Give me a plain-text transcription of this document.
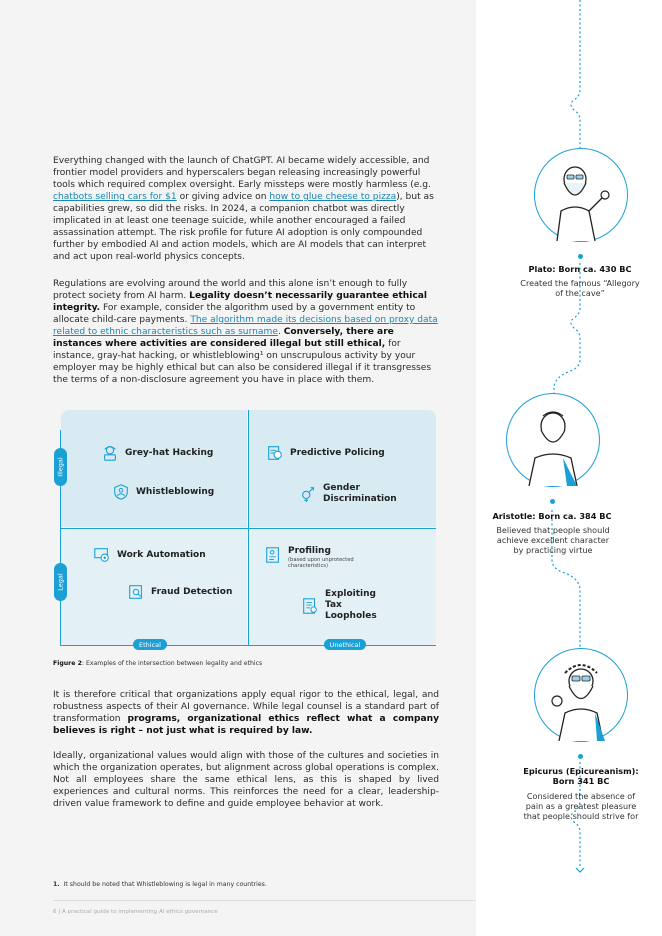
Everything changed with the launch of ChatGPT. AI became widely accessible, and frontier model providers and hyperscalers began releasing increasingly powerful tools which required complex oversight. Early missteps were mostly harmless (e.g. chatbots selling cars for $1 or giving advice on how to glue cheese to pizza), but as capabilities grew, so did the risks. In 2024, a companion chatbot was directly implicated in at least one teenage suicide, while another encouraged a failed assassination attempt. The risk profile for future AI adoption is only compounded further by embodied AI and action models, which are AI models that can interpret and act upon real-world physics concepts.
Regulations are evolving around the world and this alone isn’t enough to fully protect society from AI harm. Legality doesn’t necessarily guarantee ethical integrity. For example, consider the algorithm used by a government entity to allocate child-care payments. The algorithm made its decisions based on proxy data related to ethnic characteristics such as surname. Conversely, there are instances where activities are considered illegal but still ethical, for instance, gray-hat hacking, or whistleblowing¹ on unscrupulous activity by your employer may be highly ethical but can also be considered illegal if it transgresses the terms of a non-disclosure agreement you have in place with them.
Illegal
Legal
Ethical	Unethical
Grey-hat Hacking
Whistleblowing
Predictive Policing
Gender Discrimination
Work Automation
Fraud Detection
Profiling
(based upon unprotected characteristics)
Exploiting Tax Loopholes
Figure 2: Examples of the intersection between legality and ethics
It is therefore critical that organizations apply equal rigor to the ethical, legal, and robustness aspects of their AI governance. While legal counsel is a standard part of transformation programs, organizational ethics reflect what a company believes is right – not just what is required by law.
Ideally, organizational values would align with those of the cultures and societies in which the organization operates, but alignment across global operations is complex. Not all employees share the same ethical lens, as this is shaped by lived experiences and cultural norms. This reinforces the need for a clear, leadership-driven value framework to define and guide employee behavior at work.
1. It should be noted that Whistleblowing is legal in many countries.
6 | A practical guide to implementing AI ethics governance
Plato: Born ca. 430 BC
Created the famous “Allegory of the cave”
Aristotle: Born ca. 384 BC
Believed that people should achieve excellent character by practicing virtue
Epicurus (Epicureanism): Born 341 BC
Considered the absence of pain as a greatest pleasure that people should strive for
